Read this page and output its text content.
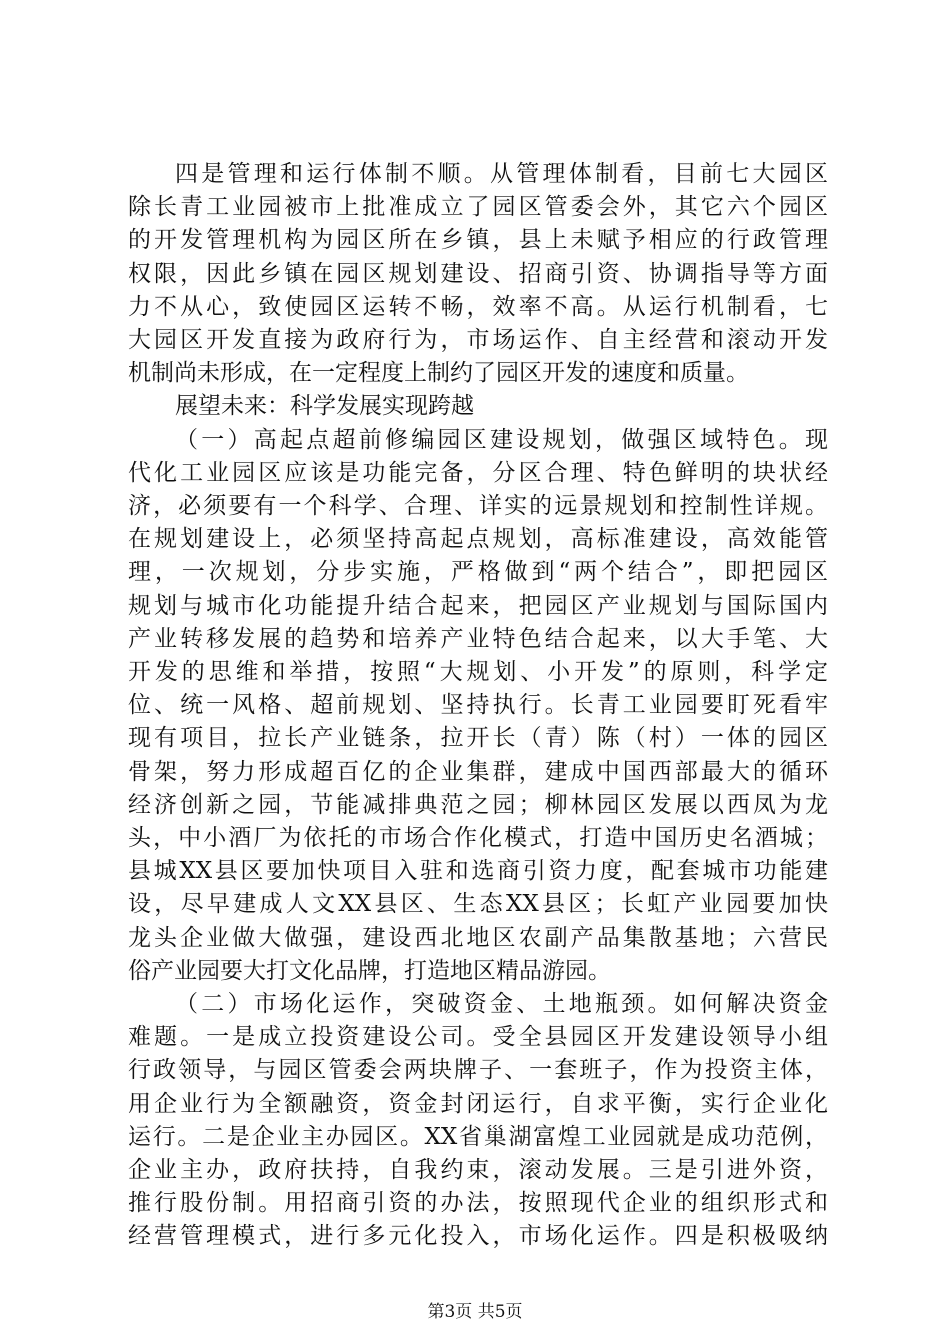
四是管理和运行体制不顺。从管理体制看，目前七大园区
除长青工业园被市上批准成立了园区管委会外，其它六个园区
的开发管理机构为园区所在乡镇，县上未赋予相应的行政管理
权限，因此乡镇在园区规划建设、招商引资、协调指导等方面
力不从心，致使园区运转不畅，效率不高。从运行机制看，七
大园区开发直接为政府行为，市场运作、自主经营和滚动开发
机制尚未形成，在一定程度上制约了园区开发的速度和质量。
展望未来：科学发展实现跨越
（一）高起点超前修编园区建设规划，做强区域特色。现
代化工业园区应该是功能完备，分区合理、特色鲜明的块状经
济，必须要有一个科学、合理、详实的远景规划和控制性详规。
在规划建设上，必须坚持高起点规划，高标准建设，高效能管
理，一次规划，分步实施，严格做到“两个结合”，即把园区
规划与城市化功能提升结合起来，把园区产业规划与国际国内
产业转移发展的趋势和培养产业特色结合起来，以大手笔、大
开发的思维和举措，按照“大规划、小开发”的原则，科学定
位、统一风格、超前规划、坚持执行。长青工业园要盯死看牢
现有项目，拉长产业链条，拉开长（青）陈（村）一体的园区
骨架，努力形成超百亿的企业集群，建成中国西部最大的循环
经济创新之园，节能减排典范之园；柳林园区发展以西凤为龙
头，中小酒厂为依托的市场合作化模式，打造中国历史名酒城；
县城XX县区要加快项目入驻和选商引资力度，配套城市功能建
设，尽早建成人文XX县区、生态XX县区；长虹产业园要加快
龙头企业做大做强，建设西北地区农副产品集散基地；六营民
俗产业园要大打文化品牌，打造地区精品游园。
（二）市场化运作，突破资金、土地瓶颈。如何解决资金
难题。一是成立投资建设公司。受全县园区开发建设领导小组
行政领导，与园区管委会两块牌子、一套班子，作为投资主体，
用企业行为全额融资，资金封闭运行，自求平衡，实行企业化
运行。二是企业主办园区。XX省巢湖富煌工业园就是成功范例，
企业主办，政府扶持，自我约束，滚动发展。三是引进外资，
推行股份制。用招商引资的办法，按照现代企业的组织形式和
经营管理模式，进行多元化投入，市场化运作。四是积极吸纳
第3页 共5页
